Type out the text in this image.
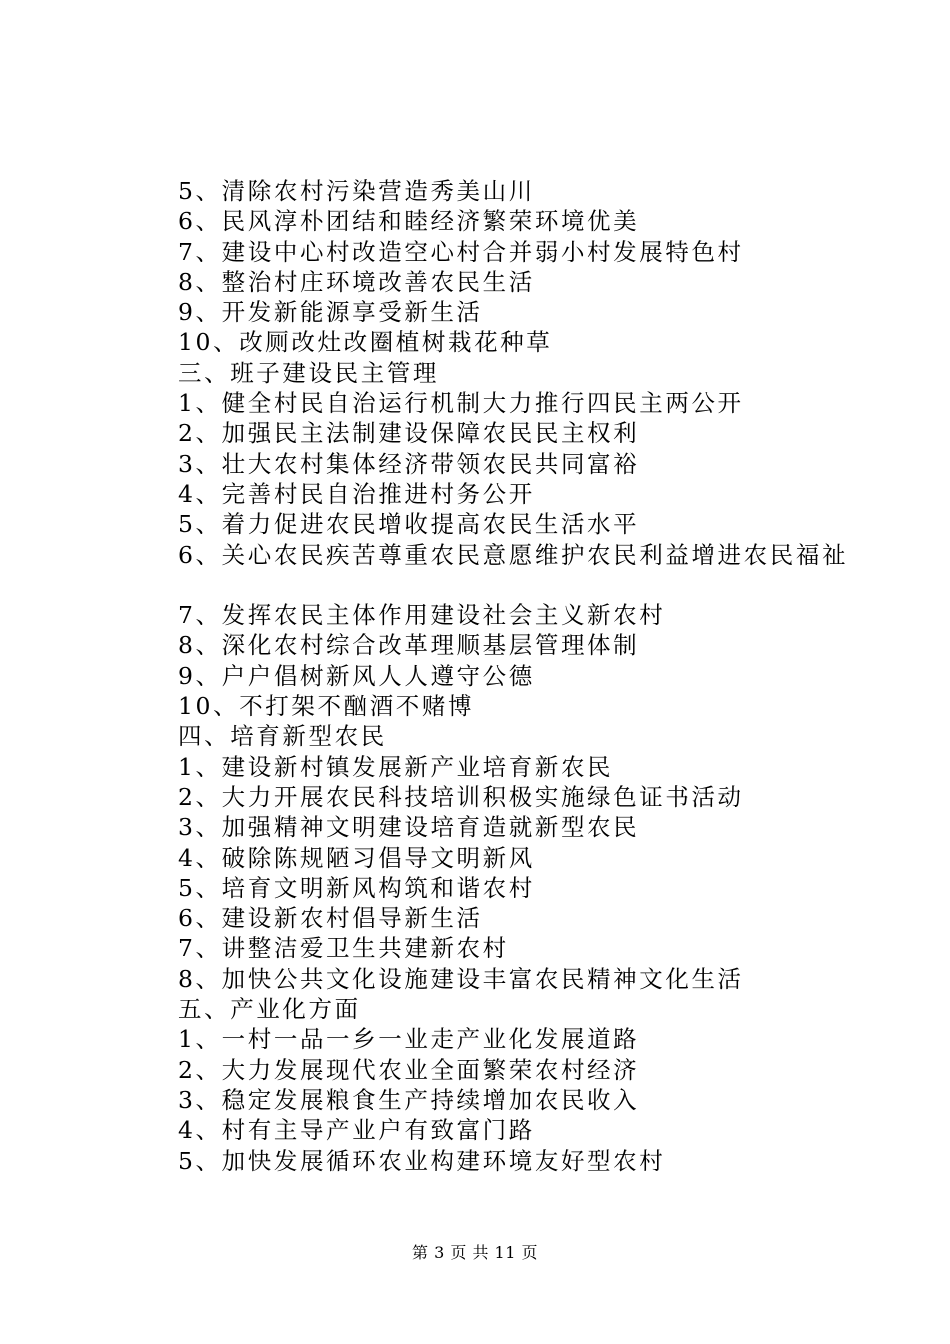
5、清除农村污染营造秀美山川
6、民风淳朴团结和睦经济繁荣环境优美
7、建设中心村改造空心村合并弱小村发展特色村
8、整治村庄环境改善农民生活
9、开发新能源享受新生活
10、改厕改灶改圈植树栽花种草
三、班子建设民主管理
1、健全村民自治运行机制大力推行四民主两公开
2、加强民主法制建设保障农民民主权利
3、壮大农村集体经济带领农民共同富裕
4、完善村民自治推进村务公开
5、着力促进农民增收提高农民生活水平
6、关心农民疾苦尊重农民意愿维护农民利益增进农民福祉
7、发挥农民主体作用建设社会主义新农村
8、深化农村综合改革理顺基层管理体制
9、户户倡树新风人人遵守公德
10、不打架不酗酒不赌博
四、培育新型农民
1、建设新村镇发展新产业培育新农民
2、大力开展农民科技培训积极实施绿色证书活动
3、加强精神文明建设培育造就新型农民
4、破除陈规陋习倡导文明新风
5、培育文明新风构筑和谐农村
6、建设新农村倡导新生活
7、讲整洁爱卫生共建新农村
8、加快公共文化设施建设丰富农民精神文化生活
五、产业化方面
1、一村一品一乡一业走产业化发展道路
2、大力发展现代农业全面繁荣农村经济
3、稳定发展粮食生产持续增加农民收入
4、村有主导产业户有致富门路
5、加快发展循环农业构建环境友好型农村
第 3 页 共 11 页
